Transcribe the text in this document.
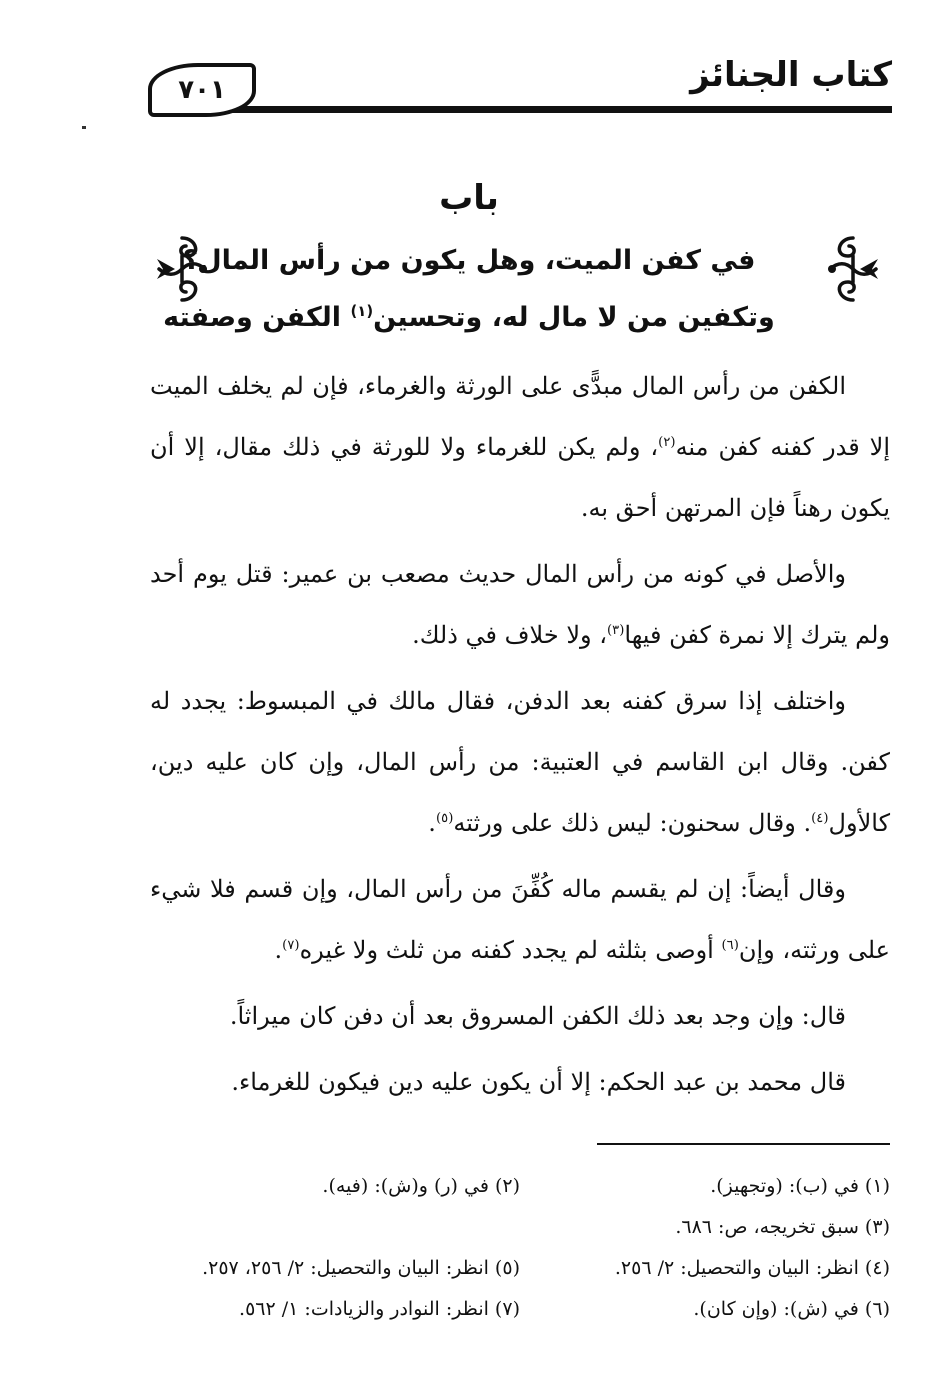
كتاب الجنائز
٧٠١
باب
في كفن الميت، وهل يكون من رأس المال؟
وتكفين من لا مال له، وتحسين$^{(١)}$ الكفن وصفته

الكفن من رأس المال مبدًّى على الورثة والغرماء، فإن لم يخلف الميت إلا قدر كفنه كفن منه$^{(٢)}$، ولم يكن للغرماء ولا للورثة في ذلك مقال، إلا أن يكون رهناً فإن المرتهن أحق به.

والأصل في كونه من رأس المال حديث مصعب بن عمير: قتل يوم أحد ولم يترك إلا نمرة كفن فيها$^{(٣)}$، ولا خلاف في ذلك.

واختلف إذا سرق كفنه بعد الدفن، فقال مالك في المبسوط: يجدد له كفن. وقال ابن القاسم في العتبية: من رأس المال، وإن كان عليه دين، كالأول$^{(٤)}$. وقال سحنون: ليس ذلك على ورثته$^{(٥)}$.

وقال أيضاً: إن لم يقسم ماله كُفِّنَ من رأس المال، وإن قسم فلا شيء على ورثته، وإن$^{(٦)}$ أوصى بثلثه لم يجدد كفنه من ثلث ولا غيره$^{(٧)}$.

قال: وإن وجد بعد ذلك الكفن المسروق بعد أن دفن كان ميراثاً.

قال محمد بن عبد الحكم: إلا أن يكون عليه دين فيكون للغرماء.

(١) في (ب): (وتجهيز).
(٢) في (ر) و(ش): (فيه).
(٣) سبق تخريجه، ص: ٦٨٦.
(٤) انظر: البيان والتحصيل: ٢/ ٢٥٦.
(٥) انظر: البيان والتحصيل: ٢/ ٢٥٦، ٢٥٧.
(٦) في (ش): (وإن كان).
(٧) انظر: النوادر والزيادات: ١/ ٥٦٢.
